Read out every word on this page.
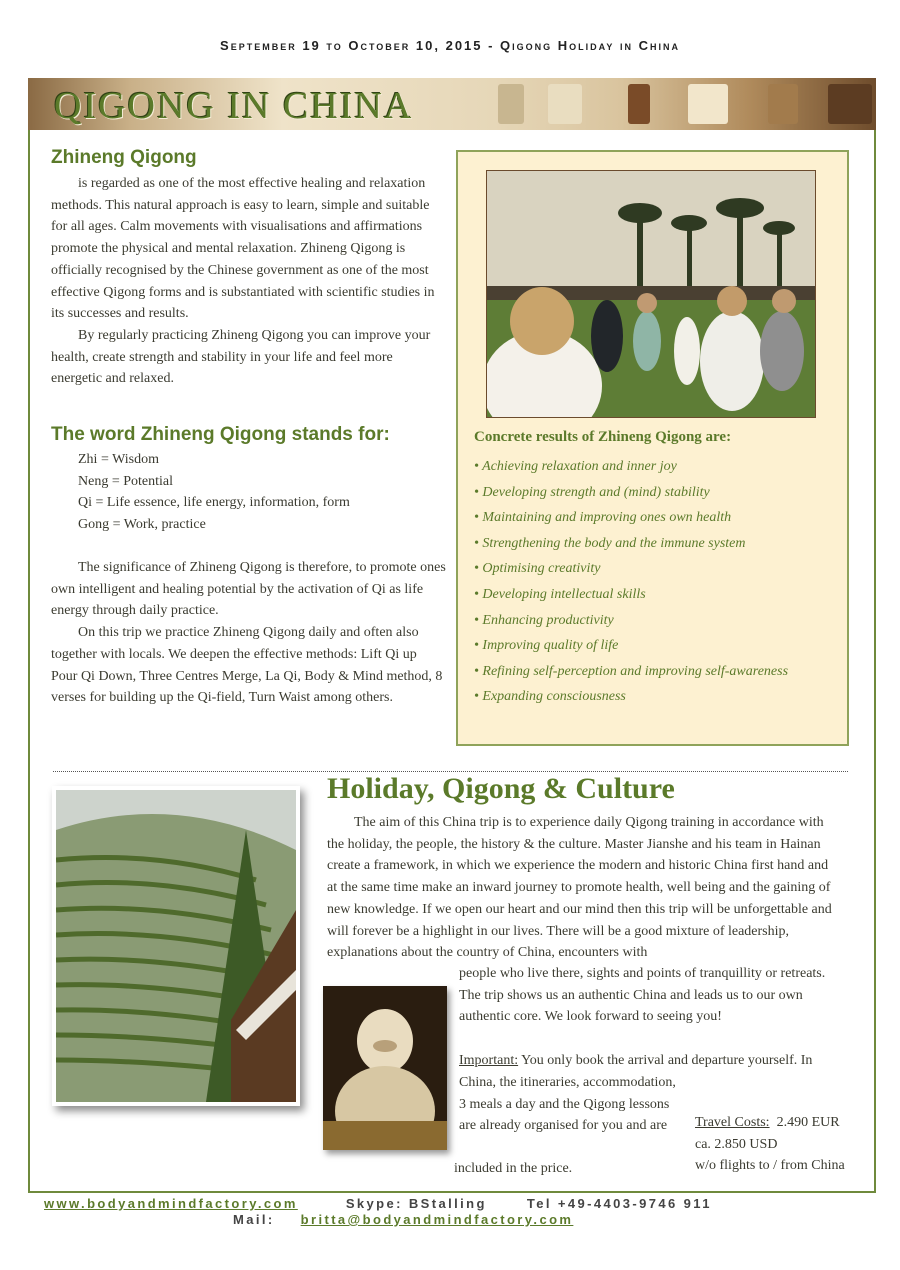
September 19 to October 10, 2015 - Qigong Holiday in China
QIGONG IN CHINA
Zhineng Qigong

is regarded as one of the most effective healing and relaxation methods. This natural approach is easy to learn, simple and suitable for all ages. Calm movements with visualisations and affirmations promote the physical and mental relaxation. Zhineng Qigong is officially recognised by the Chinese government as one of the most effective Qigong forms and is substantiated with scientific studies in its successes and results.

By regularly practicing Zhineng Qigong you can improve your health, create strength and stability in your life and feel more energetic and relaxed.

The word Zhineng Qigong stands for:
Zhi = Wisdom
Neng = Potential
Qi = Life essence, life energy, information, form
Gong = Work, practice

The significance of Zhineng Qigong is therefore, to promote ones own intelligent and healing potential by the activation of Qi as life energy through daily practice.

On this trip we practice Zhineng Qigong daily and often also together with locals. We deepen the effective methods: Lift Qi up Pour Qi Down, Three Centres Merge, La Qi, Body & Mind method, 8 verses for building up the Qi-field, Turn Waist among others.

Concrete results of Zhineng Qigong are:
• Achieving relaxation and inner joy
• Developing strength and (mind) stability
• Maintaining and improving ones own health
• Strengthening the body and the immune system
• Optimising creativity
• Developing intellectual skills
• Enhancing productivity
• Improving quality of life
• Refining self-perception and improving self-awareness
• Expanding consciousness
Holiday, Qigong & Culture

The aim of this China trip is to experience daily Qigong training in accordance with the holiday, the people, the history & the culture. Master Jianshe and his team in Hainan create a framework, in which we experience the modern and historic China first hand and at the same time make an inward journey to promote health, well being and the gaining of new knowledge. If we open our heart and our mind then this trip will be unforgettable and will forever be a highlight in our lives. There will be a good mixture of leadership, explanations about the country of China, encounters with

people who live there, sights and points of tranquillity or retreats. The trip shows us an authentic China and leads us to our own authentic core. We look forward to seeing you!
Important: You only book the arrival and departure yourself. In
China, the itineraries, accommodation, 3 meals a day and the Qigong lessons are already organised for you and are
included in the price.
Travel Costs: 2.490 EUR
ca. 2.850 USD
w/o flights to / from China
www.bodyandmindfactory.com	Skype: BStalling	Tel +49-4403-9746 911
Mail: britta@bodyandmindfactory.com
